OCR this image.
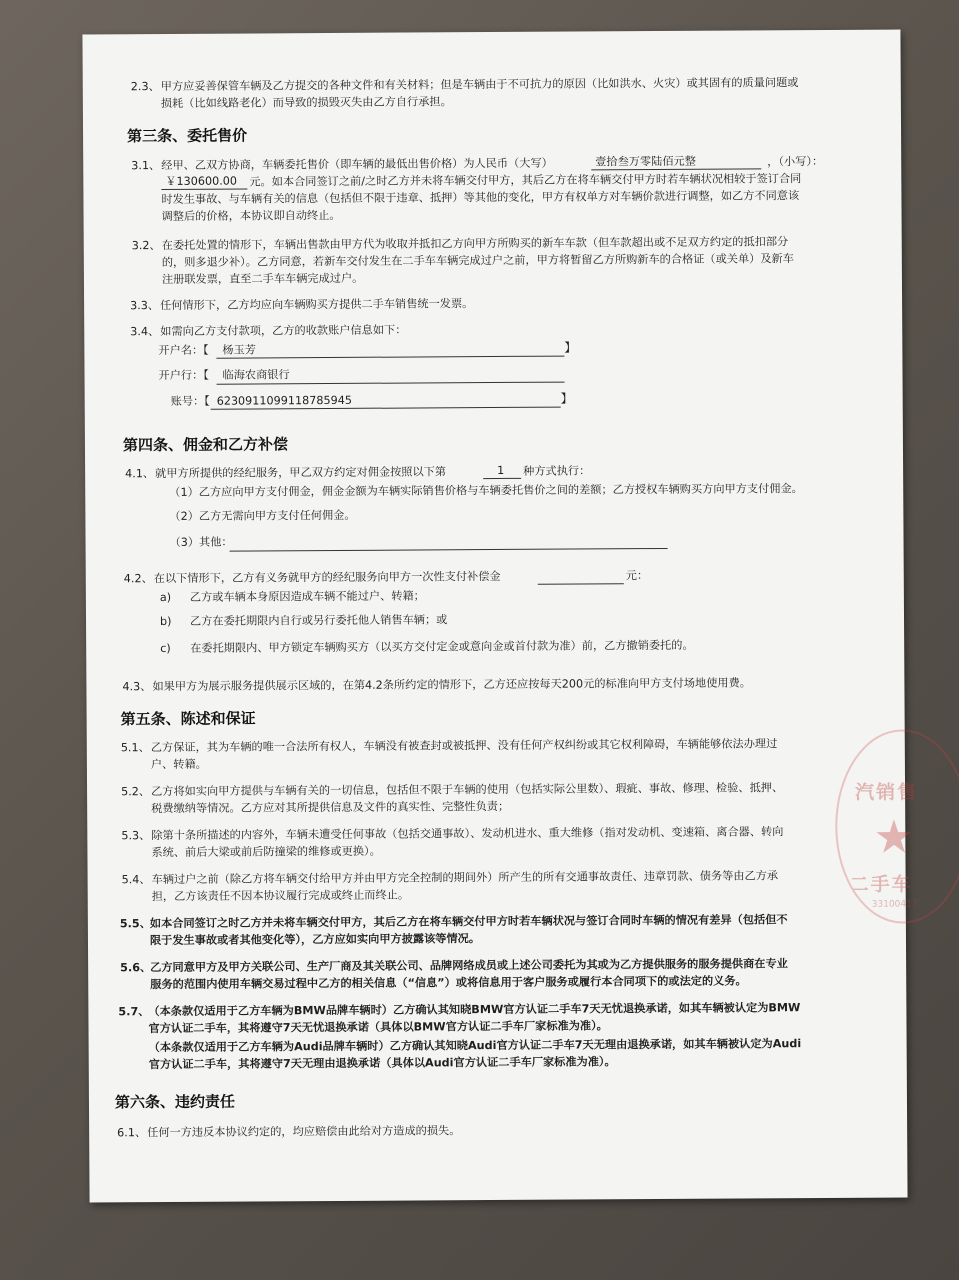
2.3、 甲方应妥善保管车辆及乙方提交的各种文件和有关材料；但是车辆由于不可抗力的原因（比如洪水、火灾）或其固有的质量问题或
损耗（比如线路老化）而导致的损毁灭失由乙方自行承担。
第三条、委托售价
3.1、 经甲、乙双方协商，车辆委托售价（即车辆的最低出售价格）为人民币（大写）	壹拾叁万零陆佰元整	，（小写）：
￥130600.00 元。如本合同签订之前/之时乙方并未将车辆交付甲方，其后乙方在将车辆交付甲方时若车辆状况相较于签订合同
时发生事故、与车辆有关的信息（包括但不限于违章、抵押）等其他的变化，甲方有权单方对车辆价款进行调整，如乙方不同意该
调整后的价格，本协议即自动终止。
3.2、 在委托处置的情形下，车辆出售款由甲方代为收取并抵扣乙方向甲方所购买的新车车款（但车款超出或不足双方约定的抵扣部分
的，则多退少补）。乙方同意，若新车交付发生在二手车车辆完成过户之前，甲方将暂留乙方所购新车的合格证（或关单）及新车
注册联发票，直至二手车车辆完成过户。
3.3、 任何情形下，乙方均应向车辆购买方提供二手车销售统一发票。
3.4、 如需向乙方支付款项，乙方的收款账户信息如下：
开户名：【 杨玉芳	】
开户行：【 临海农商银行
账号：【 6230911099118785945	】
第四条、佣金和乙方补偿
4.1、 就甲方所提供的经纪服务，甲乙双方约定对佣金按照以下第	1 种方式执行：
（1）乙方应向甲方支付佣金，佣金金额为车辆实际销售价格与车辆委托售价之间的差额；乙方授权车辆购买方向甲方支付佣金。
（2）乙方无需向甲方支付任何佣金。
（3）其他：
4.2、 在以下情形下，乙方有义务就甲方的经纪服务向甲方一次性支付补偿金	元：
a) 乙方或车辆本身原因造成车辆不能过户、转籍；
b) 乙方在委托期限内自行或另行委托他人销售车辆；或
c) 在委托期限内、甲方锁定车辆购买方（以买方交付定金或意向金或首付款为准）前，乙方撤销委托的。
4.3、 如果甲方为展示服务提供展示区域的，在第4.2条所约定的情形下，乙方还应按每天200元的标准向甲方支付场地使用费。
第五条、陈述和保证
5.1、 乙方保证，其为车辆的唯一合法所有权人，车辆没有被查封或被抵押、没有任何产权纠纷或其它权利障碍，车辆能够依法办理过
户、转籍。
5.2、 乙方将如实向甲方提供与车辆有关的一切信息，包括但不限于车辆的使用（包括实际公里数）、瑕疵、事故、修理、检验、抵押、
税费缴纳等情况。乙方应对其所提供信息及文件的真实性、完整性负责；
5.3、 除第十条所描述的内容外，车辆未遭受任何事故（包括交通事故）、发动机进水、重大维修（指对发动机、变速箱、离合器、转向
系统、前后大梁或前后防撞梁的维修或更换）。
5.4、 车辆过户之前（除乙方将车辆交付给甲方并由甲方完全控制的期间外）所产生的所有交通事故责任、违章罚款、债务等由乙方承
担，乙方该责任不因本协议履行完成或终止而终止。
5.5、
如本合同签订之时乙方并未将车辆交付甲方，其后乙方在将车辆交付甲方时若车辆状况与签订合同时车辆的情况有差异（包括但不
限于发生事故或者其他变化等），乙方应如实向甲方披露该等情况。
5.6、
乙方同意甲方及甲方关联公司、生产厂商及其关联公司、品牌网络成员或上述公司委托为其或为乙方提供服务的服务提供商在专业
服务的范围内使用车辆交易过程中乙方的相关信息（“信息”）或将信息用于客户服务或履行本合同项下的或法定的义务。
5.7、
（本条款仅适用于乙方车辆为BMW品牌车辆时）乙方确认其知晓BMW官方认证二手车7天无忧退换承诺，如其车辆被认定为BMW
官方认证二手车，其将遵守7天无忧退换承诺（具体以BMW官方认证二手车厂家标准为准）。
（本条款仅适用于乙方车辆为Audi品牌车辆时）乙方确认其知晓Audi官方认证二手车7天无理由退换承诺，如其车辆被认定为Audi
官方认证二手车，其将遵守7天无理由退换承诺（具体以Audi官方认证二手车厂家标准为准）。
第六条、违约责任
6.1、 任何一方违反本协议约定的，均应赔偿由此给对方造成的损失。
汽销售
★
二手车
33100417
